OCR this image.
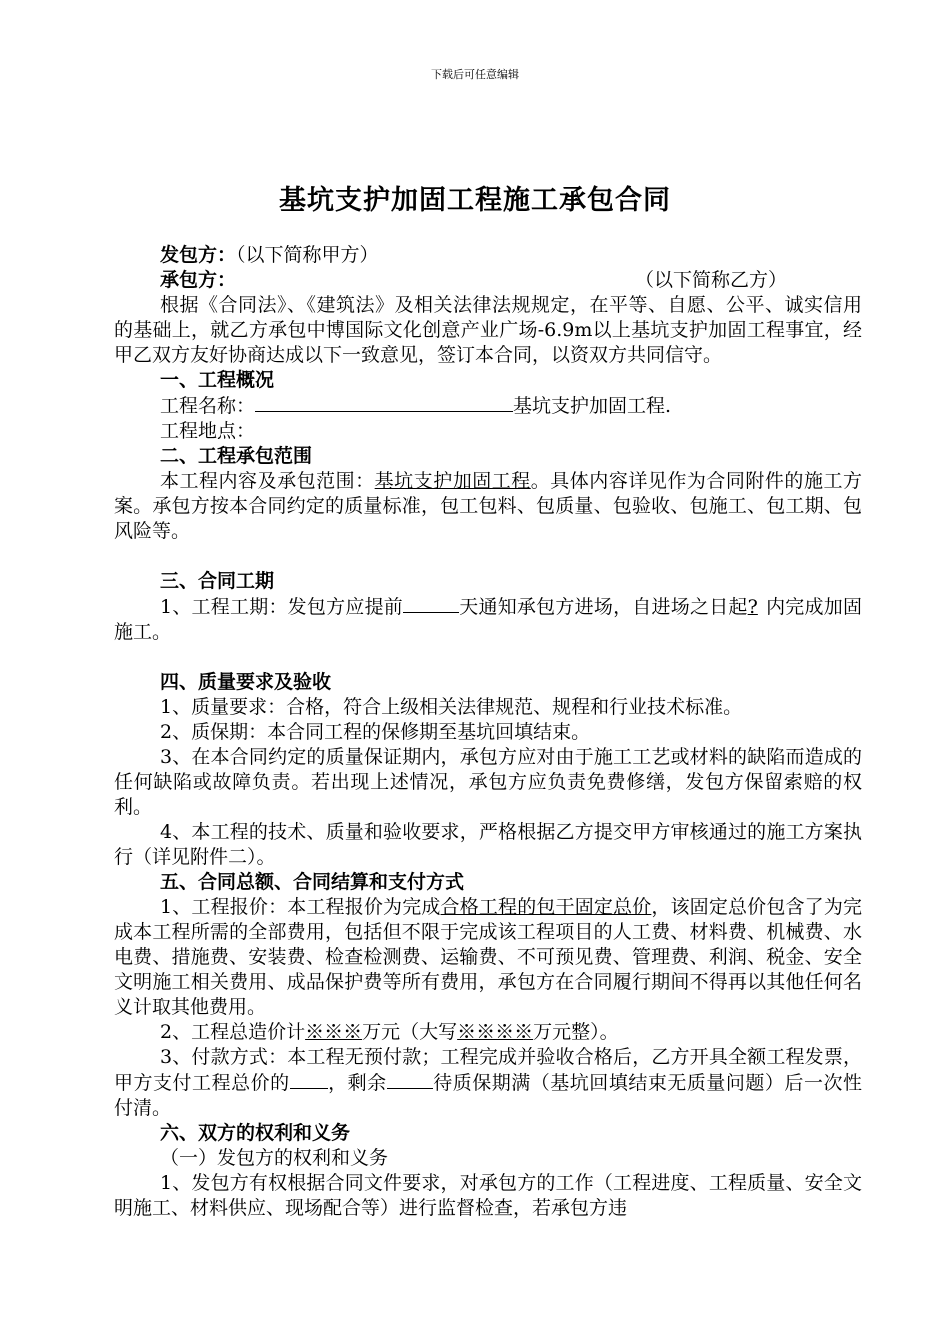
下载后可任意编辑
基坑支护加固工程施工承包合同
发包方：（以下简称甲方）
承包方：	（以下简称乙方）
根据《合同法》、《建筑法》及相关法律法规规定，在平等、自愿、公平、诚实信用的基础上，就乙方承包中博国际文化创意产业广场-6.9m以上基坑支护加固工程事宜，经甲乙双方友好协商达成以下一致意见，签订本合同，以资双方共同信守。
一、工程概况
工程名称：	基坑支护加固工程.
工程地点：
二、工程承包范围
本工程内容及承包范围：基坑支护加固工程。具体内容详见作为合同附件的施工方案。承包方按本合同约定的质量标准，包工包料、包质量、包验收、包施工、包工期、包风险等。
三、合同工期
1、工程工期：发包方应提前	天通知承包方进场，自进场之日起? 内完成加固施工。
四、质量要求及验收
1、质量要求：合格，符合上级相关法律规范、规程和行业技术标准。
2、质保期：本合同工程的保修期至基坑回填结束。
3、在本合同约定的质量保证期内，承包方应对由于施工工艺或材料的缺陷而造成的任何缺陷或故障负责。若出现上述情况，承包方应负责免费修缮，发包方保留索赔的权利。
4、本工程的技术、质量和验收要求，严格根据乙方提交甲方审核通过的施工方案执行（详见附件二）。
五、合同总额、合同结算和支付方式
1、工程报价：本工程报价为完成合格工程的包干固定总价，该固定总价包含了为完成本工程所需的全部费用，包括但不限于完成该工程项目的人工费、材料费、机械费、水电费、措施费、安装费、检查检测费、运输费、不可预见费、管理费、利润、税金、安全文明施工相关费用、成品保护费等所有费用，承包方在合同履行期间不得再以其他任何名义计取其他费用。
2、工程总造价计※※※万元（大写※※※※万元整）。
3、付款方式：本工程无预付款；工程完成并验收合格后，乙方开具全额工程发票，甲方支付工程总价的 ，剩余 待质保期满（基坑回填结束无质量问题）后一次性付清。
六、双方的权利和义务
（一）发包方的权利和义务
1、发包方有权根据合同文件要求，对承包方的工作（工程进度、工程质量、安全文明施工、材料供应、现场配合等）进行监督检查，若承包方违
